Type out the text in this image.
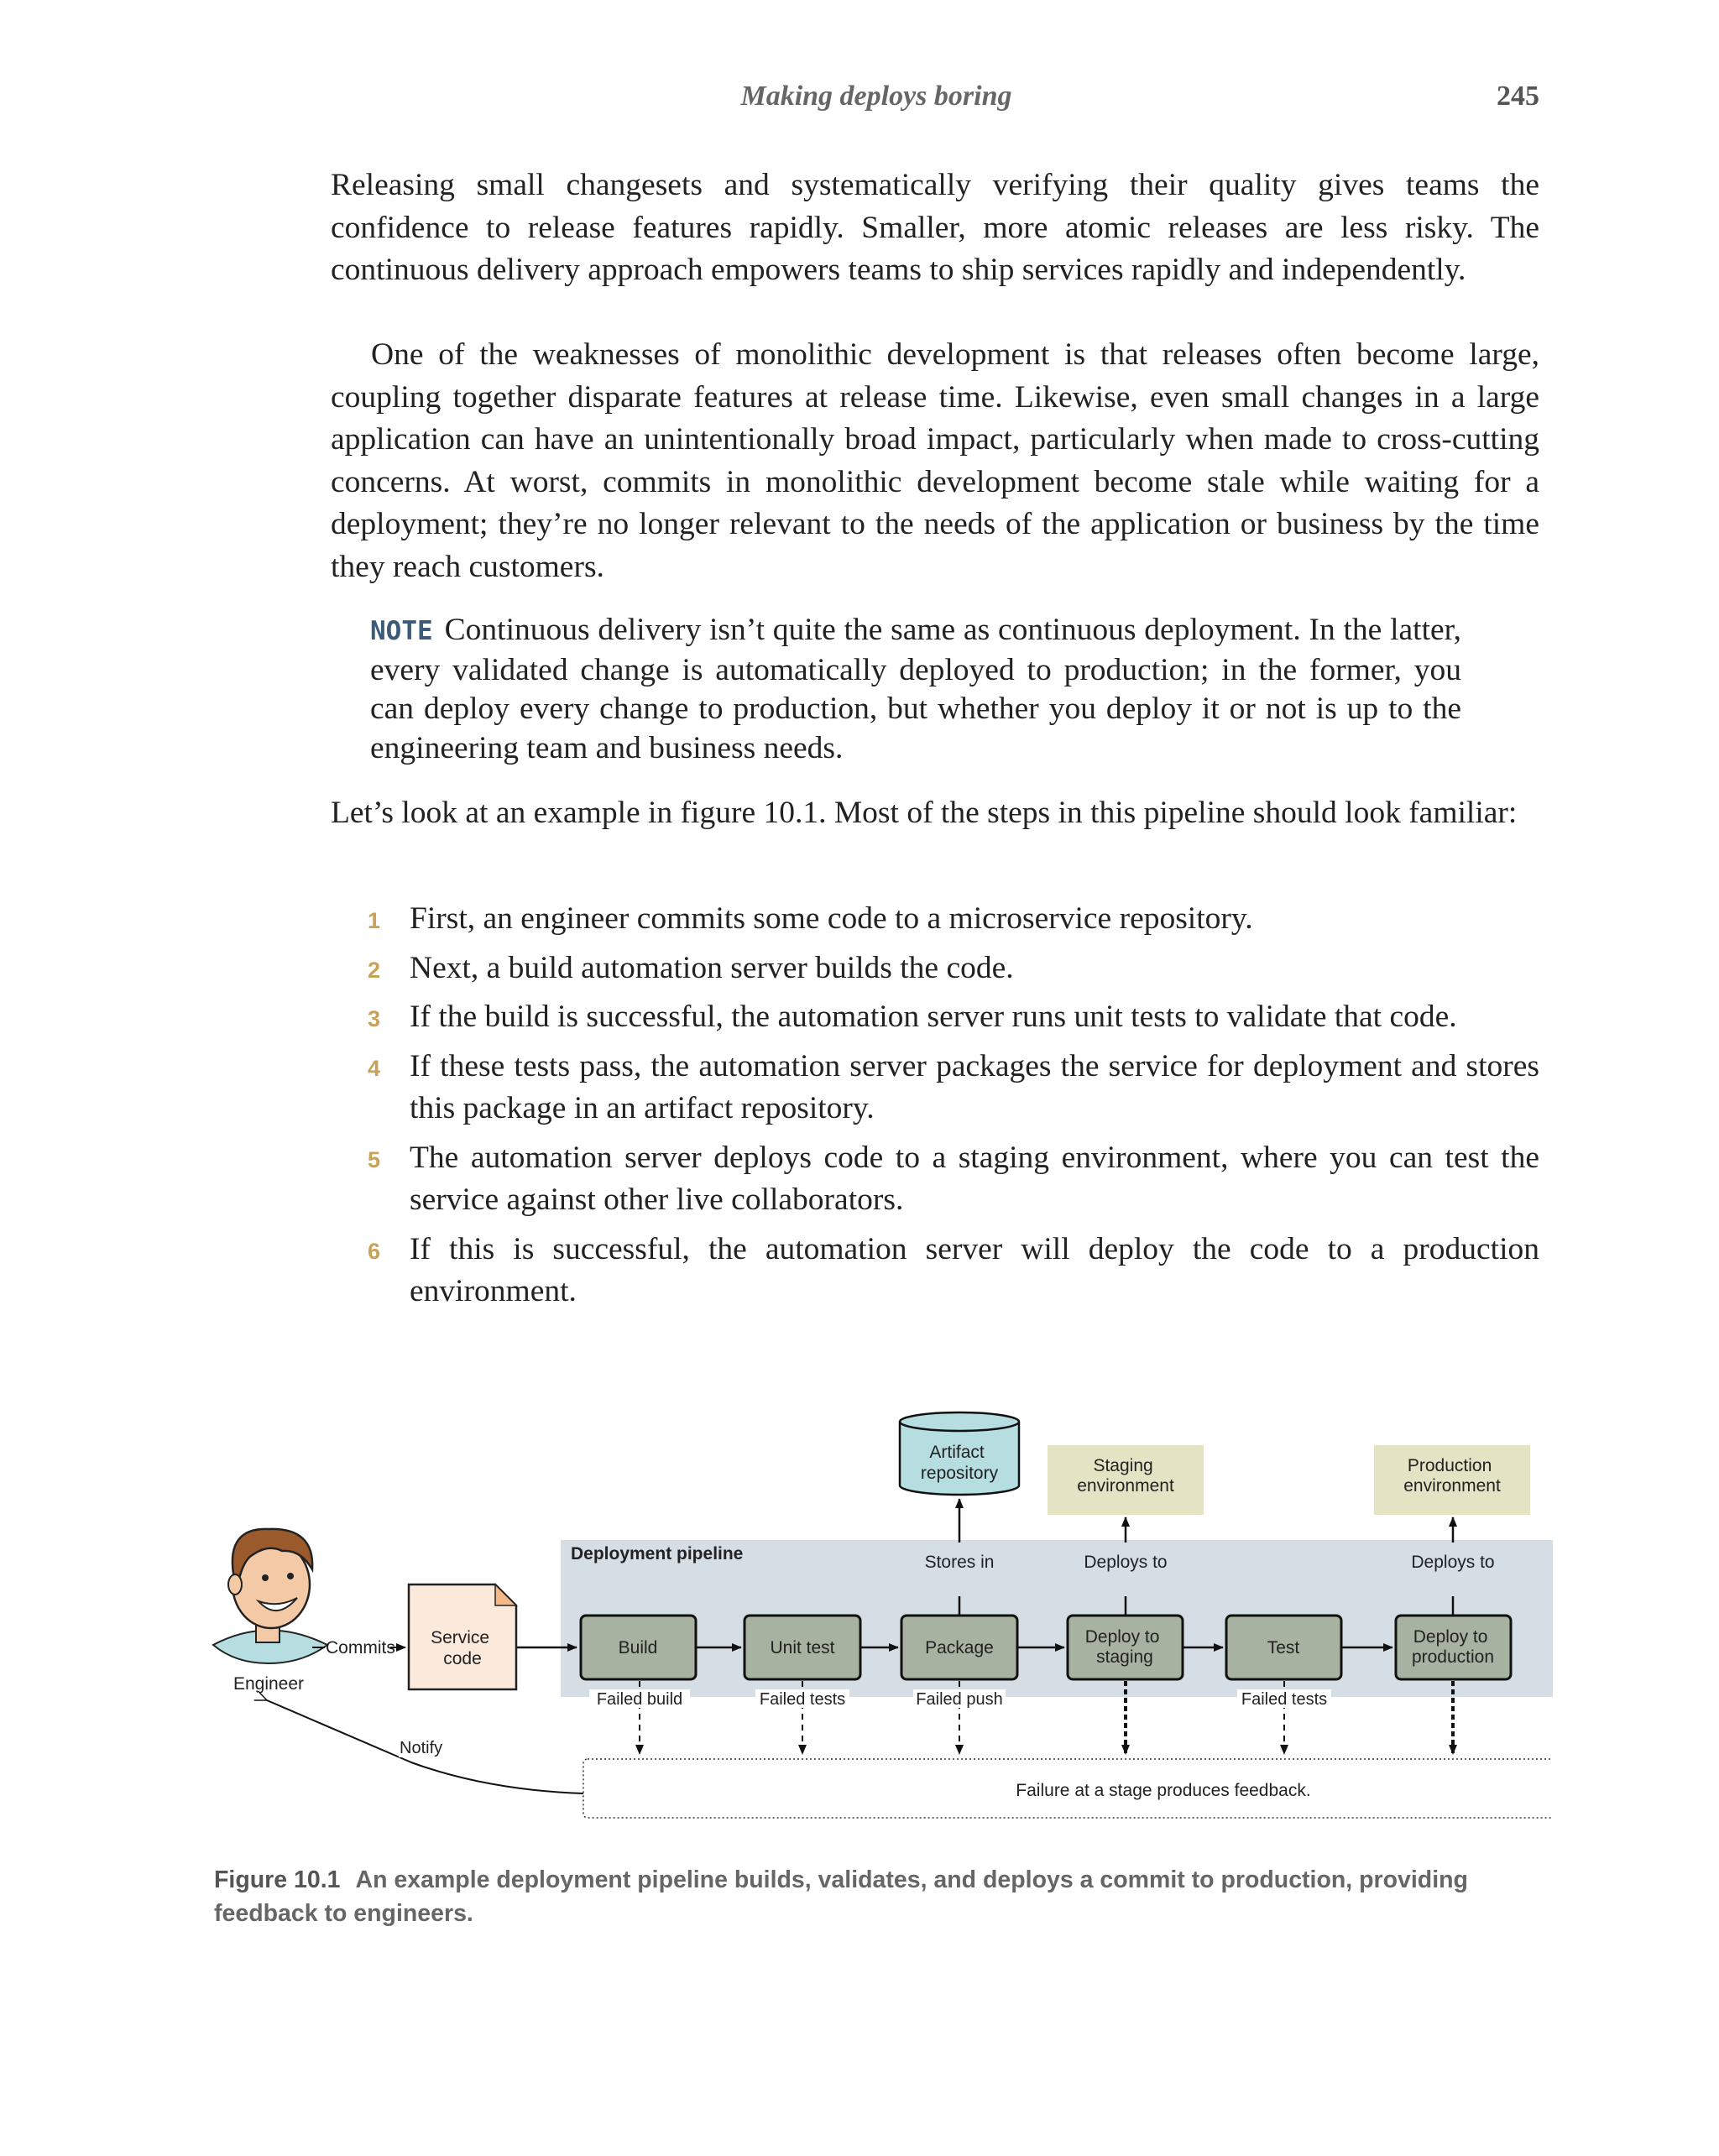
Making deploys boring	245

Releasing small changesets and systematically verifying their quality gives teams the confidence to release features rapidly. Smaller, more atomic releases are less risky. The continuous delivery approach empowers teams to ship services rapidly and independently.

One of the weaknesses of monolithic development is that releases often become large, coupling together disparate features at release time. Likewise, even small changes in a large application can have an unintentionally broad impact, particularly when made to cross-cutting concerns. At worst, commits in monolithic development become stale while waiting for a deployment; they’re no longer relevant to the needs of the application or business by the time they reach customers.

NOTE Continuous delivery isn’t quite the same as continuous deployment. In the latter, every validated change is automatically deployed to production; in the former, you can deploy every change to production, but whether you deploy it or not is up to the engineering team and business needs.

Let’s look at an example in figure 10.1. Most of the steps in this pipeline should look familiar:

1 First, an engineer commits some code to a microservice repository.
2 Next, a build automation server builds the code.
3 If the build is successful, the automation server runs unit tests to validate that code.
4 If these tests pass, the automation server packages the service for deployment and stores this package in an artifact repository.
5 The automation server deploys code to a staging environment, where you can test the service against other live collaborators.
6 If this is successful, the automation server will deploy the code to a production environment.
Deployment pipeline
Engineer
Commits
Service code
Build	Unit test	Package
Deploy to staging	Test
Deploy to production
Artifact repository	Staging environment
Production environment
Stores in	Deploys to	Deploys to
Failed build	Failed tests	Failed push	Failed tests
Failure at a stage produces feedback.
Notify
Figure 10.1 An example deployment pipeline builds, validates, and deploys a commit to production, providing feedback to engineers.
